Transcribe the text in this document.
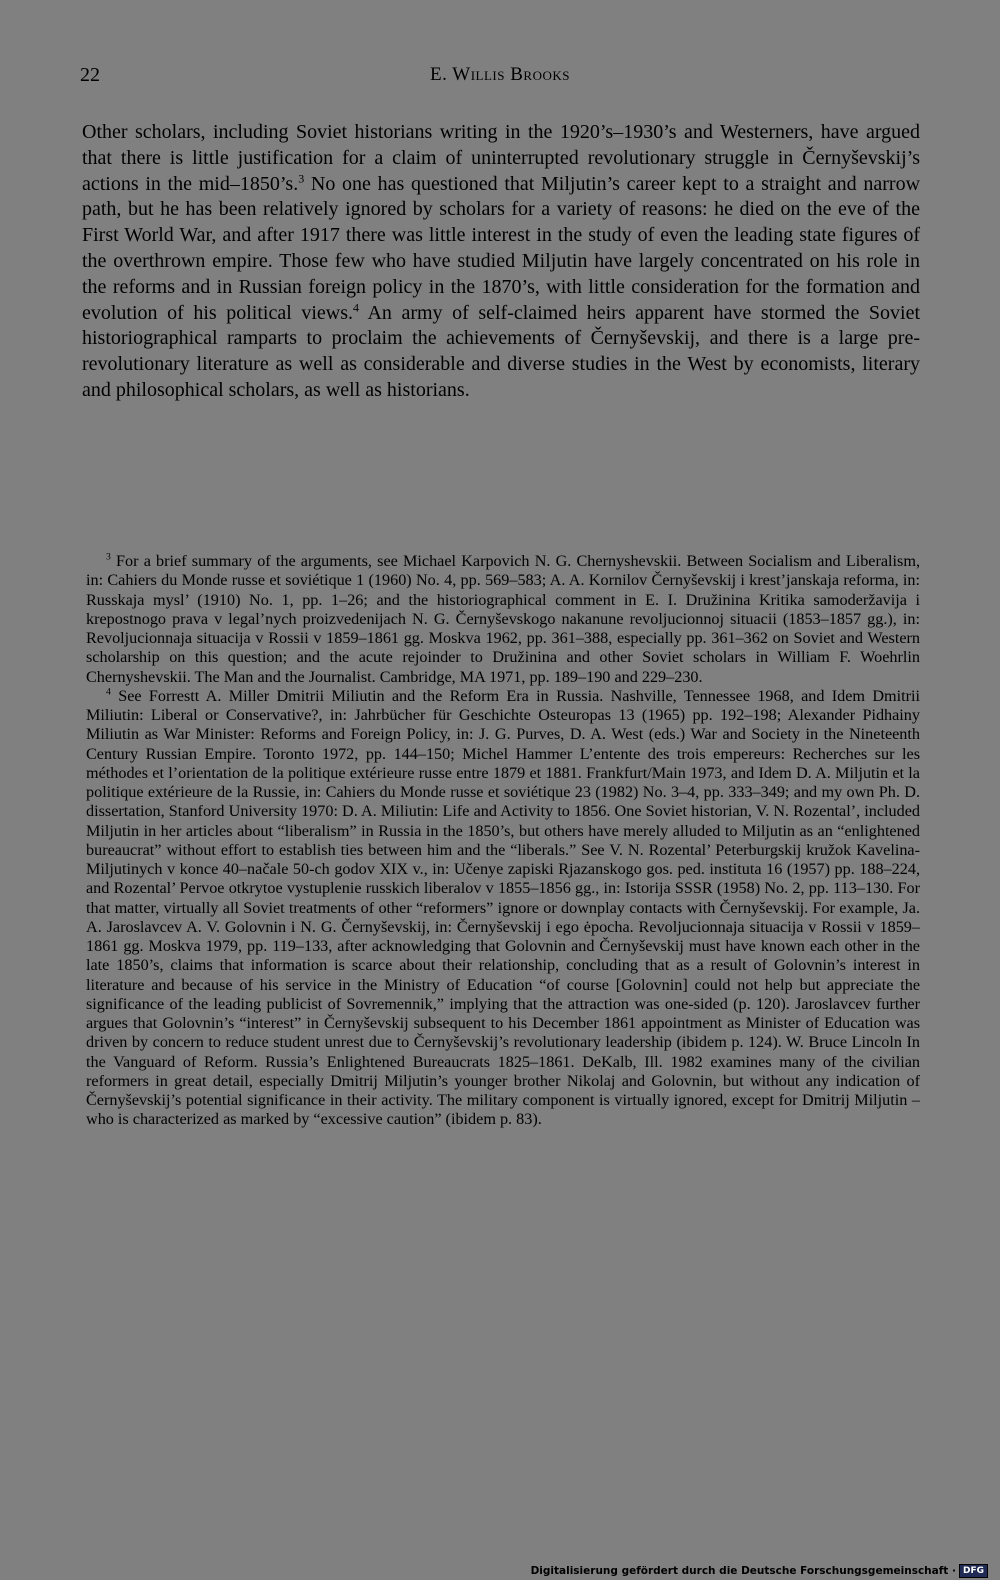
22	E. Willis Brooks

Other scholars, including Soviet historians writing in the 1920’s–1930’s and Westerners, have argued that there is little justification for a claim of uninterrupted revolutionary struggle in Černyševskij’s actions in the mid–1850’s.$^3$ No one has questioned that Miljutin’s career kept to a straight and narrow path, but he has been relatively ignored by scholars for a variety of reasons: he died on the eve of the First World War, and after 1917 there was little interest in the study of even the leading state figures of the overthrown empire. Those few who have studied Miljutin have largely concentrated on his role in the reforms and in Russian foreign policy in the 1870’s, with little consideration for the formation and evolution of his political views.$^4$ An army of self-claimed heirs apparent have stormed the Soviet historiographical ramparts to proclaim the achievements of Černyševskij, and there is a large pre-revolutionary literature as well as considerable and diverse studies in the West by economists, literary and philosophical scholars, as well as historians.

$^3$ For a brief summary of the arguments, see Michael Karpovich N. G. Chernyshevskii. Between Socialism and Liberalism, in: Cahiers du Monde russe et soviétique 1 (1960) No. 4, pp. 569–583; A. A. Kornilov Černyševskij i krest’janskaja reforma, in: Russkaja mysl’ (1910) No. 1, pp. 1–26; and the historiographical comment in E. I. Družinina Kritika samoderžavija i krepostnogo prava v legal’nych proizvedenijach N. G. Černyševskogo nakanune revoljucionnoj situacii (1853–1857 gg.), in: Revoljucionnaja situacija v Rossii v 1859–1861 gg. Moskva 1962, pp. 361–388, especially pp. 361–362 on Soviet and Western scholarship on this question; and the acute rejoinder to Družinina and other Soviet scholars in William F. Woehrlin Chernyshevskii. The Man and the Journalist. Cambridge, MA 1971, pp. 189–190 and 229–230.

$^4$ See Forrestt A. Miller Dmitrii Miliutin and the Reform Era in Russia. Nashville, Tennessee 1968, and Idem Dmitrii Miliutin: Liberal or Conservative?, in: Jahrbücher für Geschichte Osteuropas 13 (1965) pp. 192–198; Alexander Pidhainy Miliutin as War Minister: Reforms and Foreign Policy, in: J. G. Purves, D. A. West (eds.) War and Society in the Nineteenth Century Russian Empire. Toronto 1972, pp. 144–150; Michel Hammer L’entente des trois empereurs: Recherches sur les méthodes et l’orientation de la politique extérieure russe entre 1879 et 1881. Frankfurt/Main 1973, and Idem D. A. Miljutin et la politique extérieure de la Russie, in: Cahiers du Monde russe et soviétique 23 (1982) No. 3–4, pp. 333–349; and my own Ph. D. dissertation, Stanford University 1970: D. A. Miliutin: Life and Activity to 1856. One Soviet historian, V. N. Rozental’, included Miljutin in her articles about “liberalism” in Russia in the 1850’s, but others have merely alluded to Miljutin as an “enlightened bureaucrat” without effort to establish ties between him and the “liberals.” See V. N. Rozental’ Peterburgskij kružok Kavelina-Miljutinych v konce 40–načale 50-ch godov XIX v., in: Učenye zapiski Rjazanskogo gos. ped. instituta 16 (1957) pp. 188–224, and Rozental’ Pervoe otkrytoe vystuplenie russkich liberalov v 1855–1856 gg., in: Istorija SSSR (1958) No. 2, pp. 113–130. For that matter, virtually all Soviet treatments of other “reformers” ignore or downplay contacts with Černyševskij. For example, Ja. A. Jaroslavcev A. V. Golovnin i N. G. Černyševskij, in: Černyševskij i ego ėpocha. Revoljucionnaja situacija v Rossii v 1859–1861 gg. Moskva 1979, pp. 119–133, after acknowledging that Golovnin and Černyševskij must have known each other in the late 1850’s, claims that information is scarce about their relationship, concluding that as a result of Golovnin’s interest in literature and because of his service in the Ministry of Education “of course [Golovnin] could not help but appreciate the significance of the leading publicist of Sovremennik,” implying that the attraction was one-sided (p. 120). Jaroslavcev further argues that Golovnin’s “interest” in Černyševskij subsequent to his December 1861 appointment as Minister of Education was driven by concern to reduce student unrest due to Černyševskij’s revolutionary leadership (ibidem p. 124). W. Bruce Lincoln In the Vanguard of Reform. Russia’s Enlightened Bureaucrats 1825–1861. DeKalb, Ill. 1982 examines many of the civilian reformers in great detail, especially Dmitrij Miljutin’s younger brother Nikolaj and Golovnin, but without any indication of Černyševskij’s potential significance in their activity. The military component is virtually ignored, except for Dmitrij Miljutin – who is characterized as marked by “excessive caution” (ibidem p. 83).

Digitalisierung gefördert durch die Deutsche Forschungsgemeinschaft · DFG
